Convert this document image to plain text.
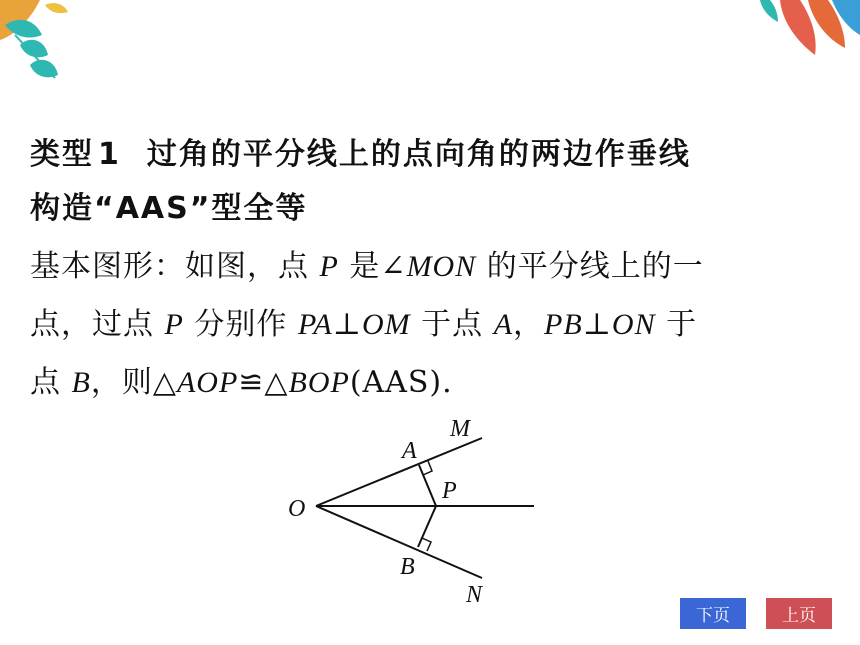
类型 1 过角的平分线上的点向角的两边作垂线
构造“AAS”型全等
基本图形：如图，点 P 是∠MON 的平分线上的一
点，过点 P 分别作 PA⊥OM 于点 A，PB⊥ON 于
点 B，则△AOP≌△BOP(AAS).
O
A
M
P
B
N
下页	上页
